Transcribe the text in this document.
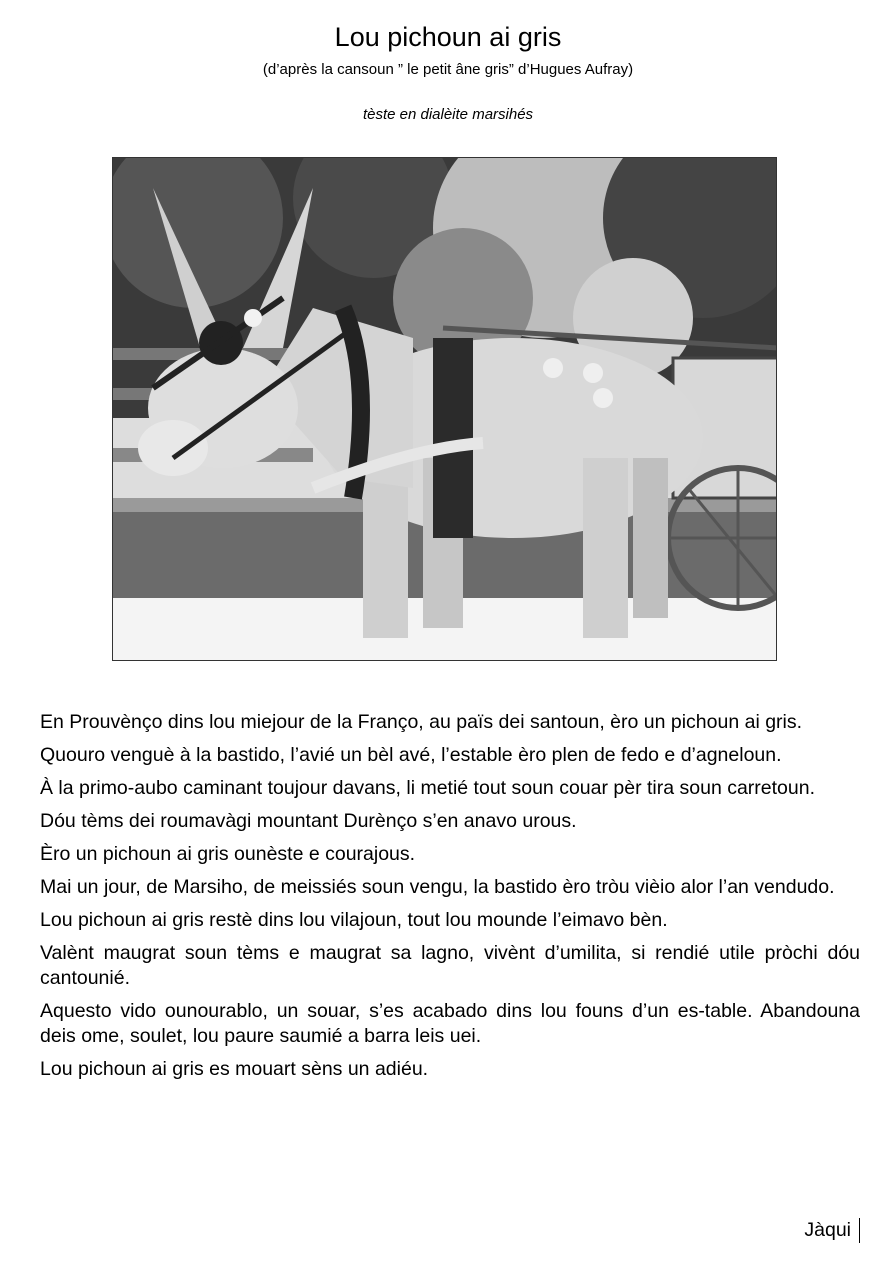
Lou pichoun ai gris
(d’après la cansoun ” le petit âne gris” d’Hugues Aufray)
tèste en dialèite marsihés

En Prouvènço dins lou miejour de la Franço, au païs dei santoun, èro un pichoun ai gris.

Quouro venguè à la bastido, l’avié un bèl avé, l’estable èro plen de fedo e d’agneloun.

À la primo-aubo caminant toujour davans, li metié tout soun couar pèr tira soun carretoun.

Dóu tèms dei roumavàgi mountant Durènço s’en anavo urous.

Èro un pichoun ai gris ounèste e courajous.

Mai un jour, de Marsiho, de meissiés soun vengu, la bastido èro tròu vièio alor l’an vendudo.

Lou pichoun ai gris restè dins lou vilajoun, tout lou mounde l’eimavo bèn.

Valènt maugrat soun tèms e maugrat sa lagno, vivènt d’umilita, si rendié utile pròchi dóu cantounié.

Aquesto vido ounourablo, un souar, s’es acabado dins lou founs d’un es-table. Abandouna deis ome, soulet, lou paure saumié a barra leis uei.

Lou pichoun ai gris es mouart sèns un adiéu.

Jàqui
